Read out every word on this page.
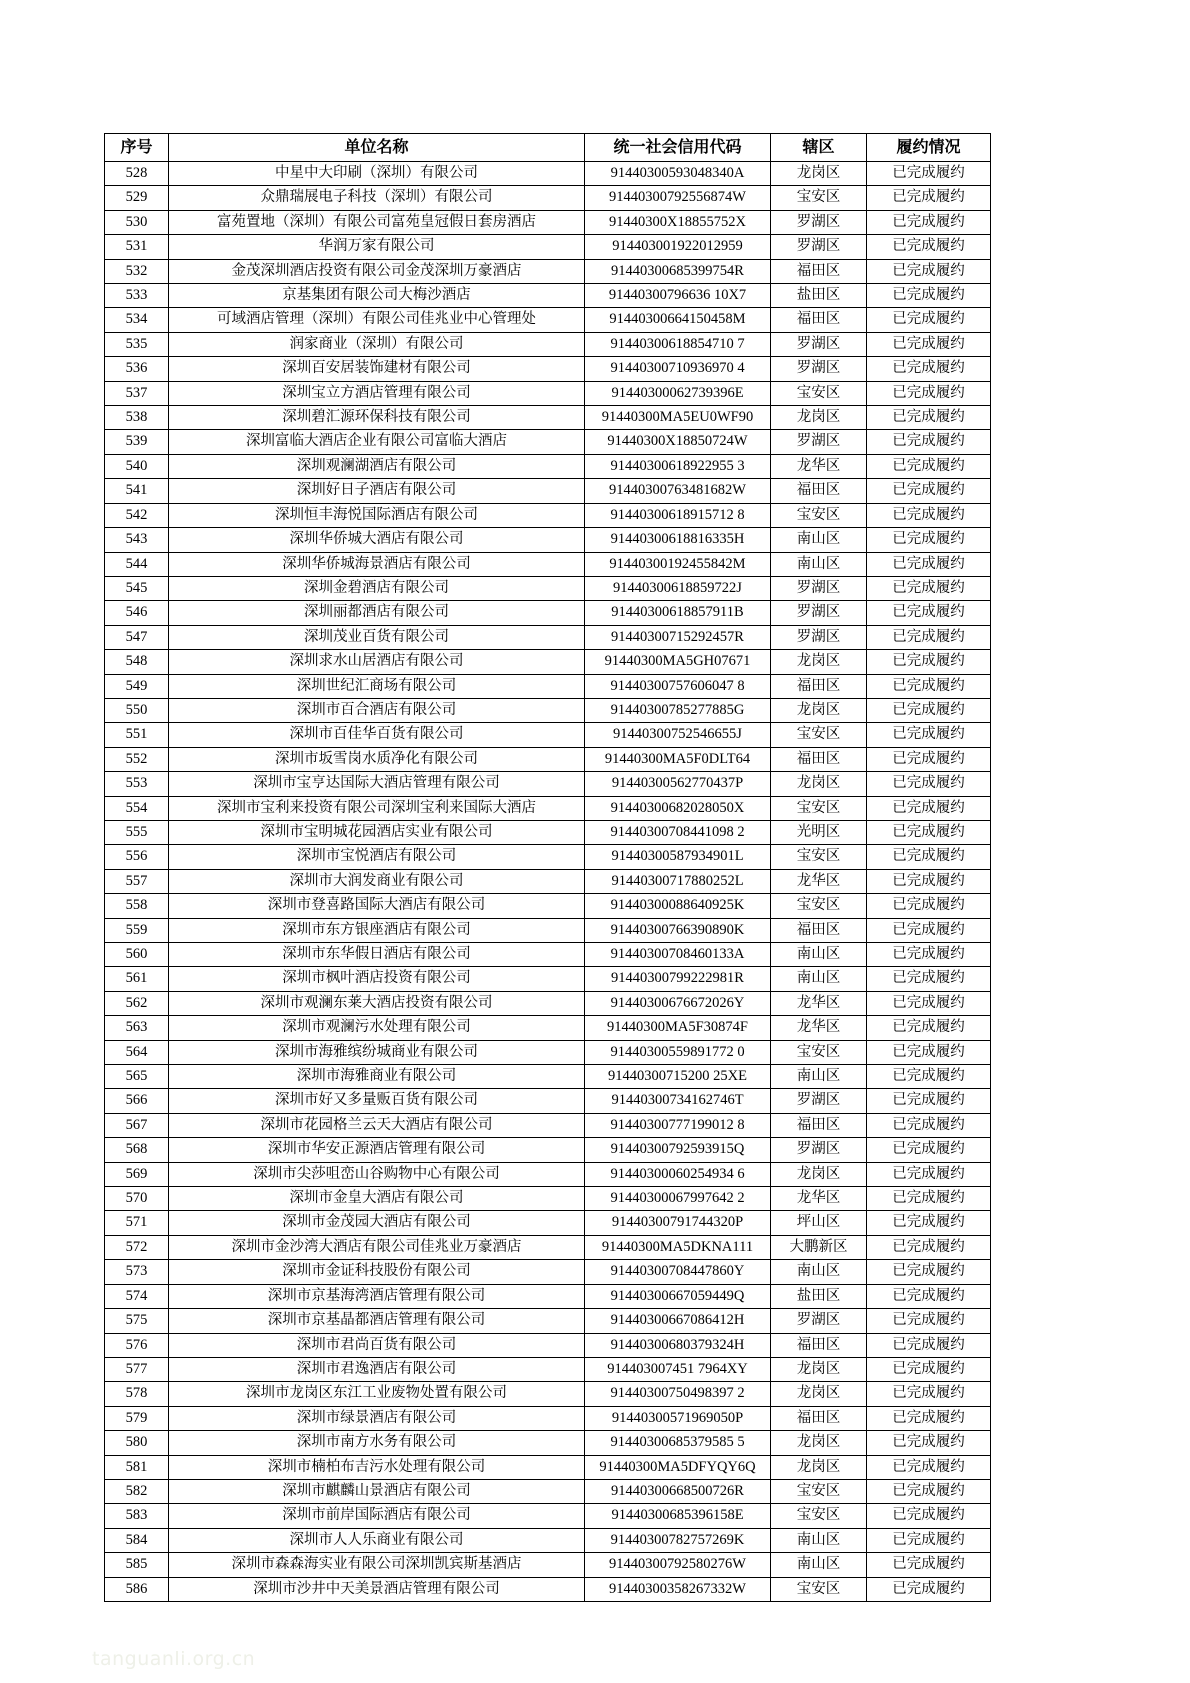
序号	单位名称	统一社会信用代码	辖区	履约情况
528	中星中大印刷（深圳）有限公司	91440300593048340A	龙岗区	已完成履约
529	众鼎瑞展电子科技（深圳）有限公司	91440300792556874W	宝安区	已完成履约
530	富苑置地（深圳）有限公司富苑皇冠假日套房酒店	91440300X18855752X	罗湖区	已完成履约
531	华润万家有限公司	914403001922012959	罗湖区	已完成履约
532	金茂深圳酒店投资有限公司金茂深圳万豪酒店	91440300685399754R	福田区	已完成履约
533	京基集团有限公司大梅沙酒店	91440300796636 10X7	盐田区	已完成履约
534	可域酒店管理（深圳）有限公司佳兆业中心管理处	91440300664150458M	福田区	已完成履约
535	润家商业（深圳）有限公司	91440300618854710 7	罗湖区	已完成履约
536	深圳百安居装饰建材有限公司	91440300710936970 4	罗湖区	已完成履约
537	深圳宝立方酒店管理有限公司	91440300062739396E	宝安区	已完成履约
538	深圳碧汇源环保科技有限公司	91440300MA5EU0WF90	龙岗区	已完成履约
539	深圳富临大酒店企业有限公司富临大酒店	91440300X18850724W	罗湖区	已完成履约
540	深圳观澜湖酒店有限公司	91440300618922955 3	龙华区	已完成履约
541	深圳好日子酒店有限公司	91440300763481682W	福田区	已完成履约
542	深圳恒丰海悦国际酒店有限公司	91440300618915712 8	宝安区	已完成履约
543	深圳华侨城大酒店有限公司	91440300618816335H	南山区	已完成履约
544	深圳华侨城海景酒店有限公司	91440300192455842M	南山区	已完成履约
545	深圳金碧酒店有限公司	91440300618859722J	罗湖区	已完成履约
546	深圳丽都酒店有限公司	91440300618857911B	罗湖区	已完成履约
547	深圳茂业百货有限公司	91440300715292457R	罗湖区	已完成履约
548	深圳求水山居酒店有限公司	91440300MA5GH07671	龙岗区	已完成履约
549	深圳世纪汇商场有限公司	91440300757606047 8	福田区	已完成履约
550	深圳市百合酒店有限公司	91440300785277885G	龙岗区	已完成履约
551	深圳市百佳华百货有限公司	91440300752546655J	宝安区	已完成履约
552	深圳市坂雪岗水质净化有限公司	91440300MA5F0DLT64	福田区	已完成履约
553	深圳市宝亨达国际大酒店管理有限公司	91440300562770437P	龙岗区	已完成履约
554	深圳市宝利来投资有限公司深圳宝利来国际大酒店	91440300682028050X	宝安区	已完成履约
555	深圳市宝明城花园酒店实业有限公司	91440300708441098 2	光明区	已完成履约
556	深圳市宝悦酒店有限公司	91440300587934901L	宝安区	已完成履约
557	深圳市大润发商业有限公司	91440300717880252L	龙华区	已完成履约
558	深圳市登喜路国际大酒店有限公司	91440300088640925K	宝安区	已完成履约
559	深圳市东方银座酒店有限公司	91440300766390890K	福田区	已完成履约
560	深圳市东华假日酒店有限公司	91440300708460133A	南山区	已完成履约
561	深圳市枫叶酒店投资有限公司	91440300799222981R	南山区	已完成履约
562	深圳市观澜东莱大酒店投资有限公司	91440300676672026Y	龙华区	已完成履约
563	深圳市观澜污水处理有限公司	91440300MA5F30874F	龙华区	已完成履约
564	深圳市海雅缤纷城商业有限公司	91440300559891772 0	宝安区	已完成履约
565	深圳市海雅商业有限公司	91440300715200 25XE	南山区	已完成履约
566	深圳市好又多量贩百货有限公司	91440300734162746T	罗湖区	已完成履约
567	深圳市花园格兰云天大酒店有限公司	91440300777199012 8	福田区	已完成履约
568	深圳市华安正源酒店管理有限公司	91440300792593915Q	罗湖区	已完成履约
569	深圳市尖莎咀峦山谷购物中心有限公司	91440300060254934 6	龙岗区	已完成履约
570	深圳市金皇大酒店有限公司	91440300067997642 2	龙华区	已完成履约
571	深圳市金茂园大酒店有限公司	91440300791744320P	坪山区	已完成履约
572	深圳市金沙湾大酒店有限公司佳兆业万豪酒店	91440300MA5DKNA111	大鹏新区	已完成履约
573	深圳市金证科技股份有限公司	91440300708447860Y	南山区	已完成履约
574	深圳市京基海湾酒店管理有限公司	91440300667059449Q	盐田区	已完成履约
575	深圳市京基晶都酒店管理有限公司	91440300667086412H	罗湖区	已完成履约
576	深圳市君尚百货有限公司	91440300680379324H	福田区	已完成履约
577	深圳市君逸酒店有限公司	914403007451 7964XY	龙岗区	已完成履约
578	深圳市龙岗区东江工业废物处置有限公司	91440300750498397 2	龙岗区	已完成履约
579	深圳市绿景酒店有限公司	91440300571969050P	福田区	已完成履约
580	深圳市南方水务有限公司	91440300685379585 5	龙岗区	已完成履约
581	深圳市楠柏布吉污水处理有限公司	91440300MA5DFYQY6Q	龙岗区	已完成履约
582	深圳市麒麟山景酒店有限公司	91440300668500726R	宝安区	已完成履约
583	深圳市前岸国际酒店有限公司	91440300685396158E	宝安区	已完成履约
584	深圳市人人乐商业有限公司	91440300782757269K	南山区	已完成履约
585	深圳市森森海实业有限公司深圳凯宾斯基酒店	91440300792580276W	南山区	已完成履约
586	深圳市沙井中天美景酒店管理有限公司	91440300358267332W	宝安区	已完成履约
tanguanli.org.cn
